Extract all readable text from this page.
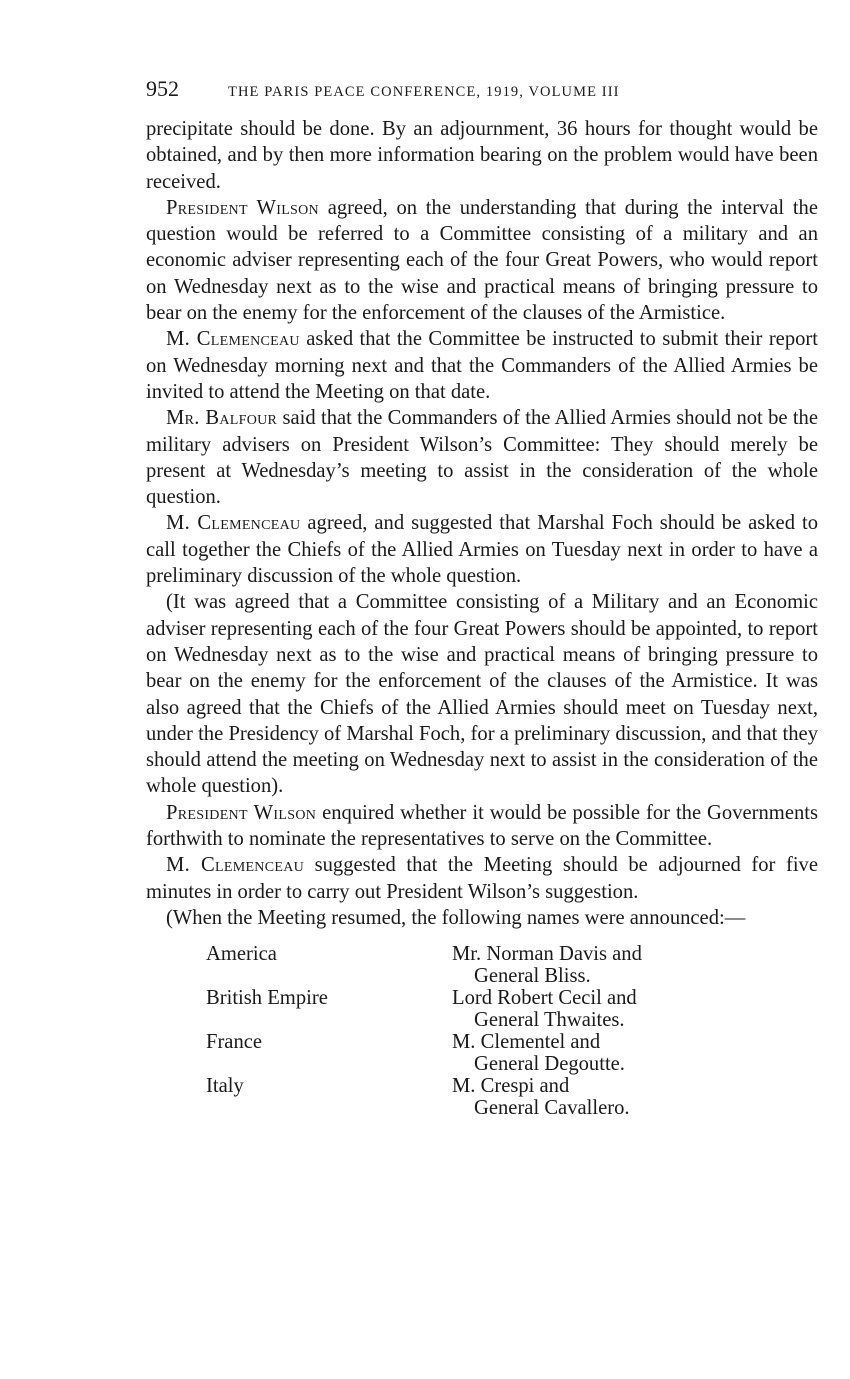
952	THE PARIS PEACE CONFERENCE, 1919, VOLUME III

precipitate should be done. By an adjournment, 36 hours for thought would be obtained, and by then more information bearing on the problem would have been received.

President Wilson agreed, on the understanding that during the interval the question would be referred to a Committee consisting of a military and an economic adviser representing each of the four Great Powers, who would report on Wednesday next as to the wise and practical means of bringing pressure to bear on the enemy for the enforcement of the clauses of the Armistice.

M. Clemenceau asked that the Committee be instructed to submit their report on Wednesday morning next and that the Commanders of the Allied Armies be invited to attend the Meeting on that date.

Mr. Balfour said that the Commanders of the Allied Armies should not be the military advisers on President Wilson’s Committee: They should merely be present at Wednesday’s meeting to assist in the consideration of the whole question.

M. Clemenceau agreed, and suggested that Marshal Foch should be asked to call together the Chiefs of the Allied Armies on Tuesday next in order to have a preliminary discussion of the whole question.

(It was agreed that a Committee consisting of a Military and an Economic adviser representing each of the four Great Powers should be appointed, to report on Wednesday next as to the wise and practical means of bringing pressure to bear on the enemy for the enforcement of the clauses of the Armistice. It was also agreed that the Chiefs of the Allied Armies should meet on Tuesday next, under the Presidency of Marshal Foch, for a preliminary discussion, and that they should attend the meeting on Wednesday next to assist in the consideration of the whole question).

President Wilson enquired whether it would be possible for the Governments forthwith to nominate the representatives to serve on the Committee.

M. Clemenceau suggested that the Meeting should be adjourned for five minutes in order to carry out President Wilson’s suggestion.

(When the Meeting resumed, the following names were announced:—

America	Mr. Norman Davis and
General Bliss.
British Empire	Lord Robert Cecil and
General Thwaites.
France	M. Clementel and
General Degoutte.
Italy	M. Crespi and
General Cavallero.
